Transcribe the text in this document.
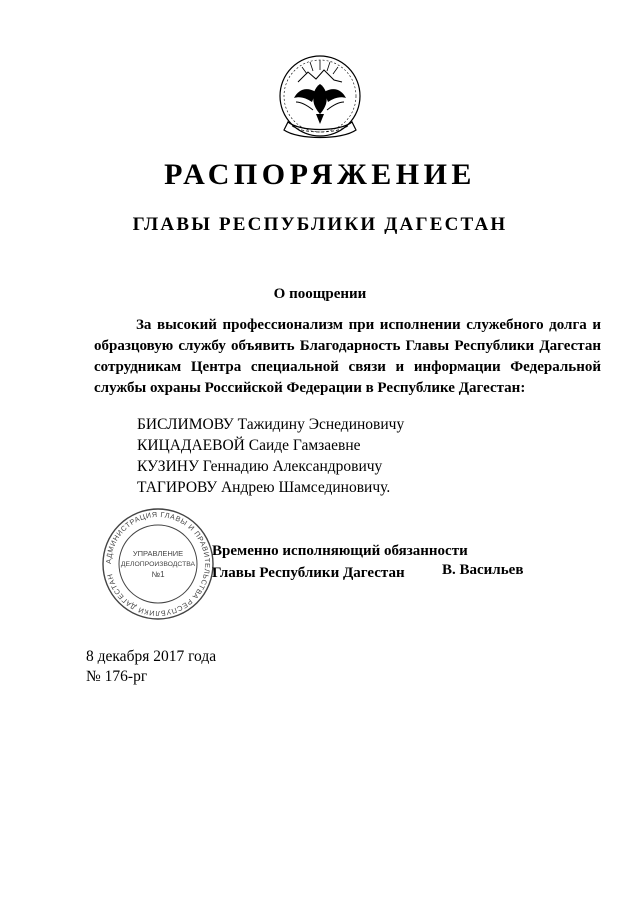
РАСПОРЯЖЕНИЕ
ГЛАВЫ РЕСПУБЛИКИ ДАГЕСТАН
О поощрении
За высокий профессионализм при исполнении служебного долга и образцовую службу объявить Благодарность Главы Республики Дагестан сотрудникам Центра специальной связи и информации Федеральной службы охраны Российской Федерации в Республике Дагестан:
БИСЛИМОВУ Тажидину Эснединовичу
КИЦАДАЕВОЙ Саиде Гамзаевне
КУЗИНУ Геннадию Александровичу
ТАГИРОВУ Андрею Шамсединовичу.
АДМИНИСТРАЦИЯ ГЛАВЫ И ПРАВИТЕЛЬСТВА РЕСПУБЛИКИ ДАГЕСТАН
УПРАВЛЕНИЕ
ДЕЛОПРОИЗВОДСТВА
№1
Временно исполняющий обязанности
Главы Республики Дагестан	В. Васильев
8 декабря 2017 года
№ 176-рг
